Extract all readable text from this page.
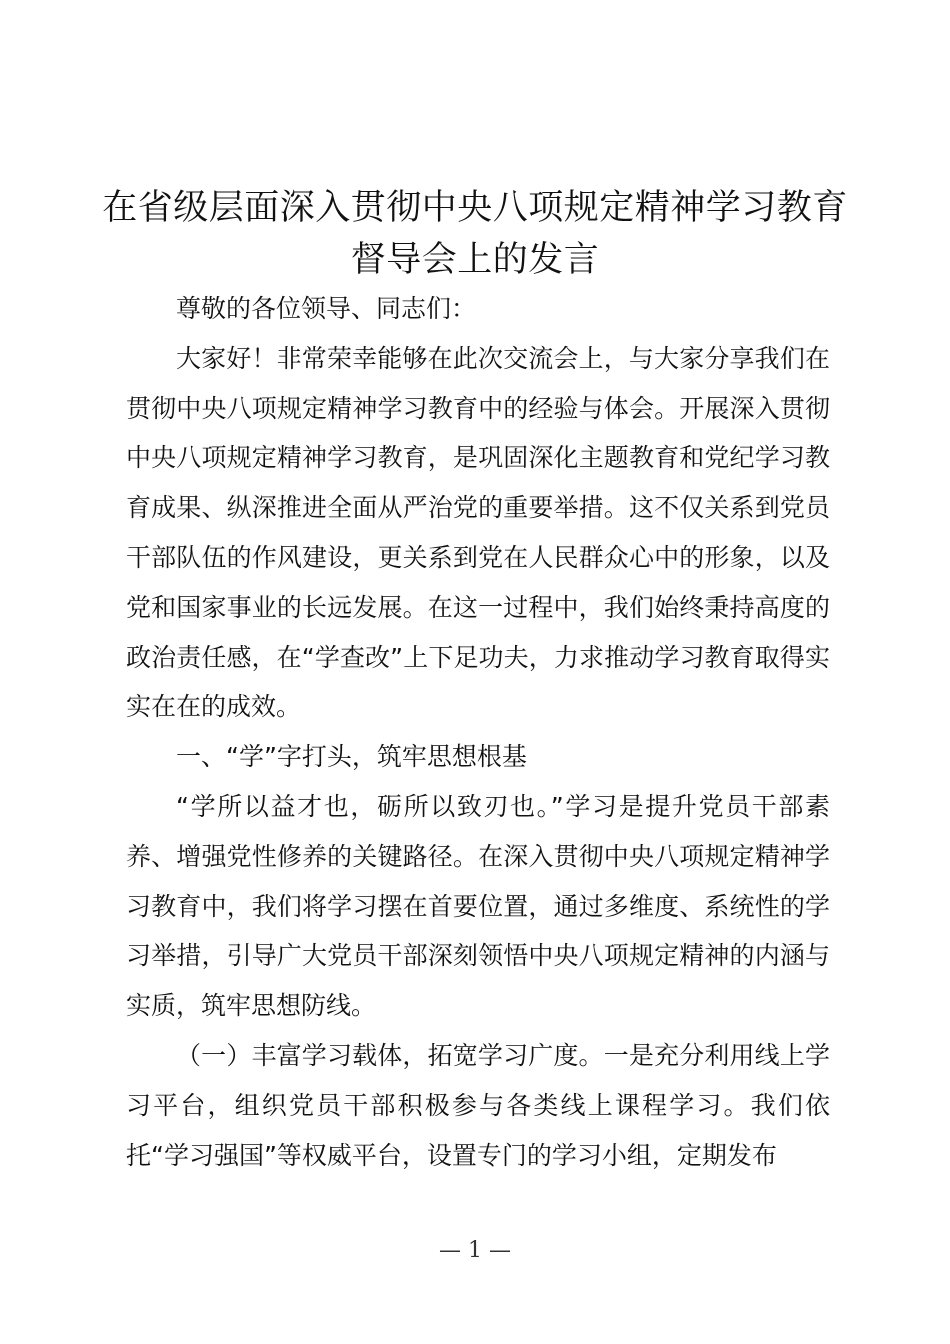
在省级层面深入贯彻中央八项规定精神学习教育督导会上的发言

尊敬的各位领导、同志们：

大家好！非常荣幸能够在此次交流会上，与大家分享我们在贯彻中央八项规定精神学习教育中的经验与体会。开展深入贯彻中央八项规定精神学习教育，是巩固深化主题教育和党纪学习教育成果、纵深推进全面从严治党的重要举措。这不仅关系到党员干部队伍的作风建设，更关系到党在人民群众心中的形象，以及党和国家事业的长远发展。在这一过程中，我们始终秉持高度的政治责任感，在“学查改”上下足功夫，力求推动学习教育取得实实在在的成效。

一、“学”字打头，筑牢思想根基

“学所以益才也，砺所以致刃也。”学习是提升党员干部素养、增强党性修养的关键路径。在深入贯彻中央八项规定精神学习教育中，我们将学习摆在首要位置，通过多维度、系统性的学习举措，引导广大党员干部深刻领悟中央八项规定精神的内涵与实质，筑牢思想防线。

（一）丰富学习载体，拓宽学习广度。一是充分利用线上学习平台，组织党员干部积极参与各类线上课程学习。我们依托“学习强国”等权威平台，设置专门的学习小组，定期发布

— 1 —
